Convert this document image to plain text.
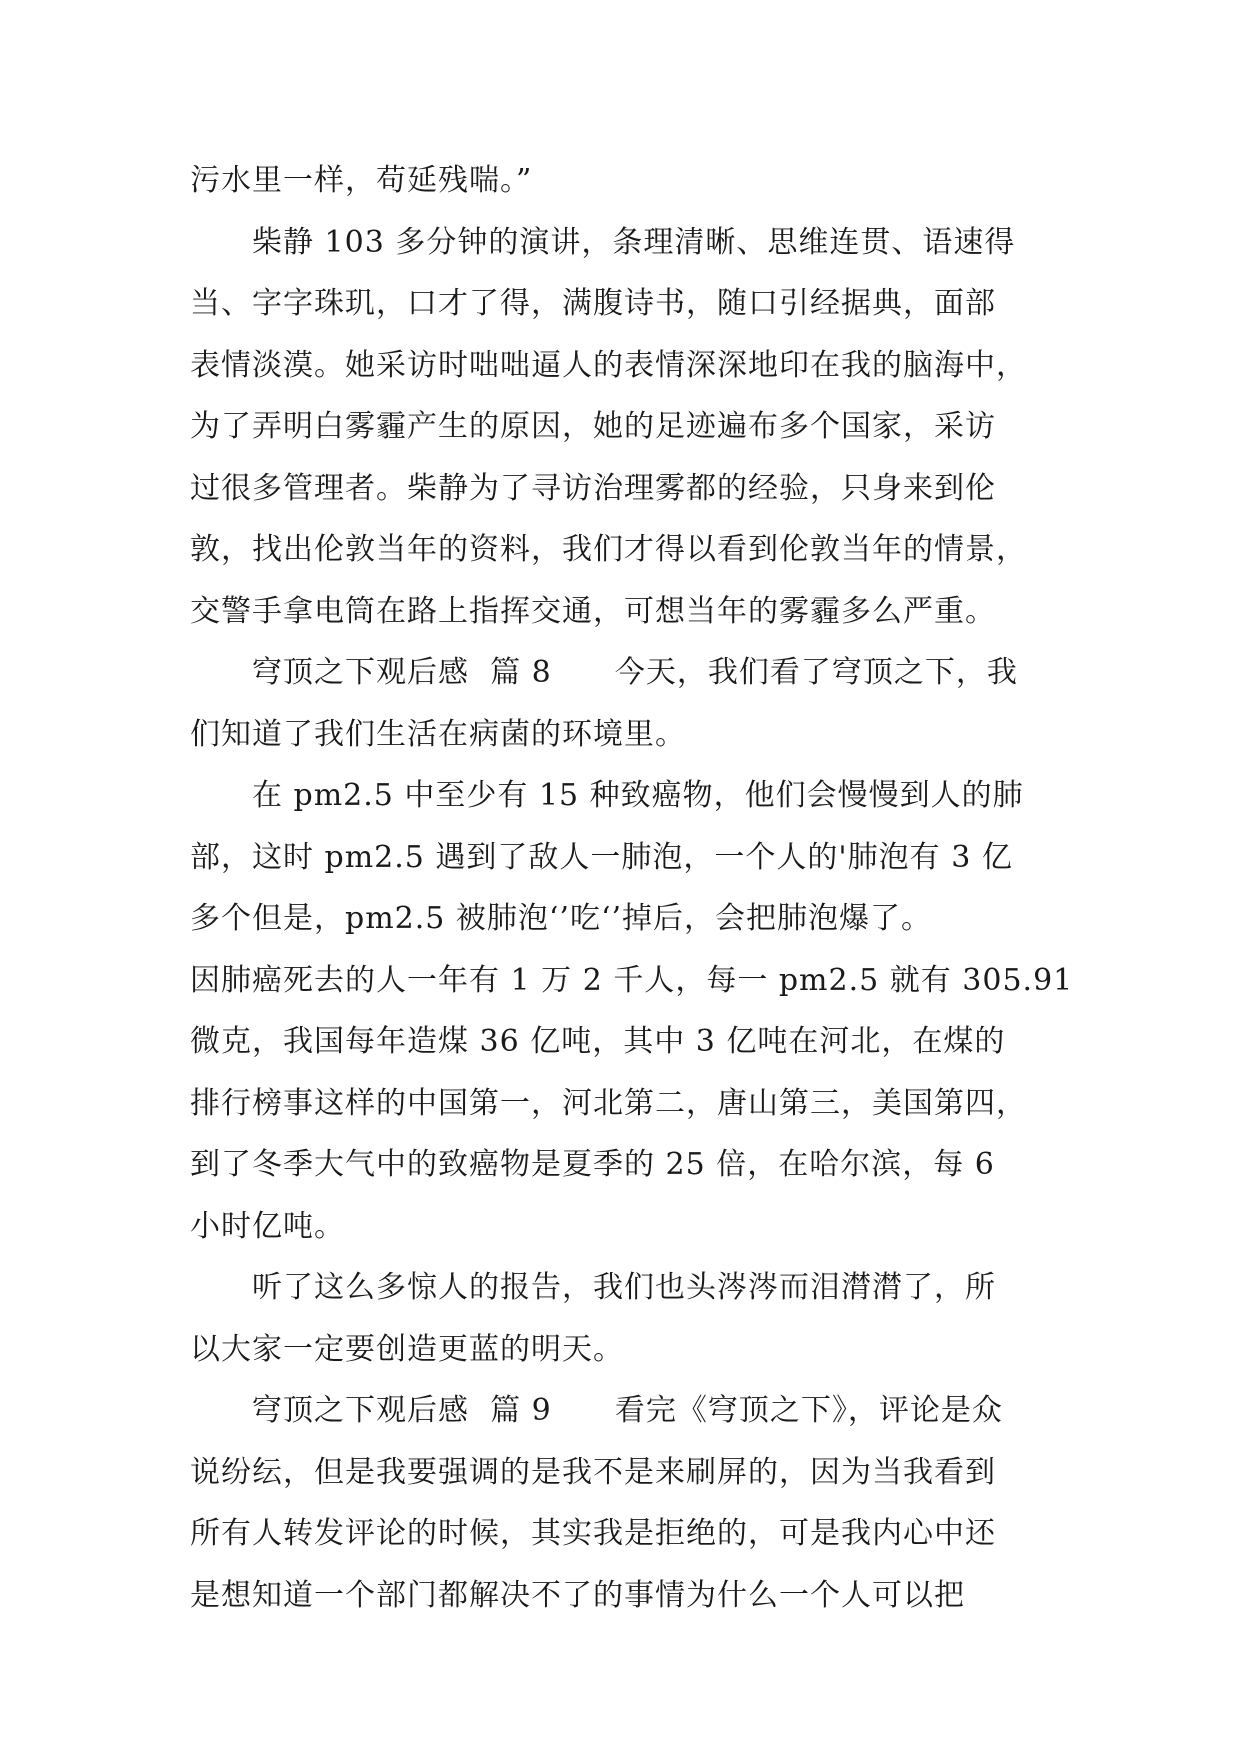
污水里一样，苟延残喘。”
柴静 103 多分钟的演讲，条理清晰、思维连贯、语速得
当、字字珠玑，口才了得，满腹诗书，随口引经据典，面部
表情淡漠。她采访时咄咄逼人的表情深深地印在我的脑海中，
为了弄明白雾霾产生的原因，她的足迹遍布多个国家，采访
过很多管理者。柴静为了寻访治理雾都的经验，只身来到伦
敦，找出伦敦当年的资料，我们才得以看到伦敦当年的情景，
交警手拿电筒在路上指挥交通，可想当年的雾霾多么严重。
穹顶之下观后感  篇 8      今天，我们看了穹顶之下，我
们知道了我们生活在病菌的环境里。
在 pm2.5 中至少有 15 种致癌物，他们会慢慢到人的肺
部，这时 pm2.5 遇到了敌人一肺泡，一个人的'肺泡有 3 亿
多个但是，pm2.5 被肺泡‘’吃‘’掉后，会把肺泡爆了。
因肺癌死去的人一年有 1 万 2 千人，每一 pm2.5 就有 305.91
微克，我国每年造煤 36 亿吨，其中 3 亿吨在河北，在煤的
排行榜事这样的中国第一，河北第二，唐山第三，美国第四，
到了冬季大气中的致癌物是夏季的 25 倍，在哈尔滨，每 6
小时亿吨。
听了这么多惊人的报告，我们也头涔涔而泪潸潸了，所
以大家一定要创造更蓝的明天。
穹顶之下观后感  篇 9      看完《穹顶之下》，评论是众
说纷纭，但是我要强调的是我不是来刷屏的，因为当我看到
所有人转发评论的时候，其实我是拒绝的，可是我内心中还
是想知道一个部门都解决不了的事情为什么一个人可以把
